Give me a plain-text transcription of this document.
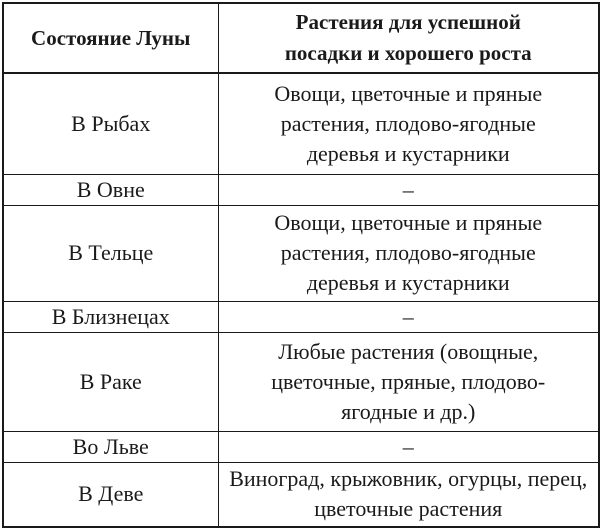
Состояние Луны	Растения для успешной посадки и хорошего роста
В Рыбах	Овощи, цветочные и пряные растения, плодово-ягодные деревья и кустарники
В Овне	–
В Тельце	Овощи, цветочные и пряные растения, плодово-ягодные деревья и кустарники
В Близнецах	–
В Раке	Любые растения (овощные, цветочные, пряные, плодово-ягодные и др.)
Во Льве	–
В Деве	Виноград, крыжовник, огурцы, перец, цветочные растения
